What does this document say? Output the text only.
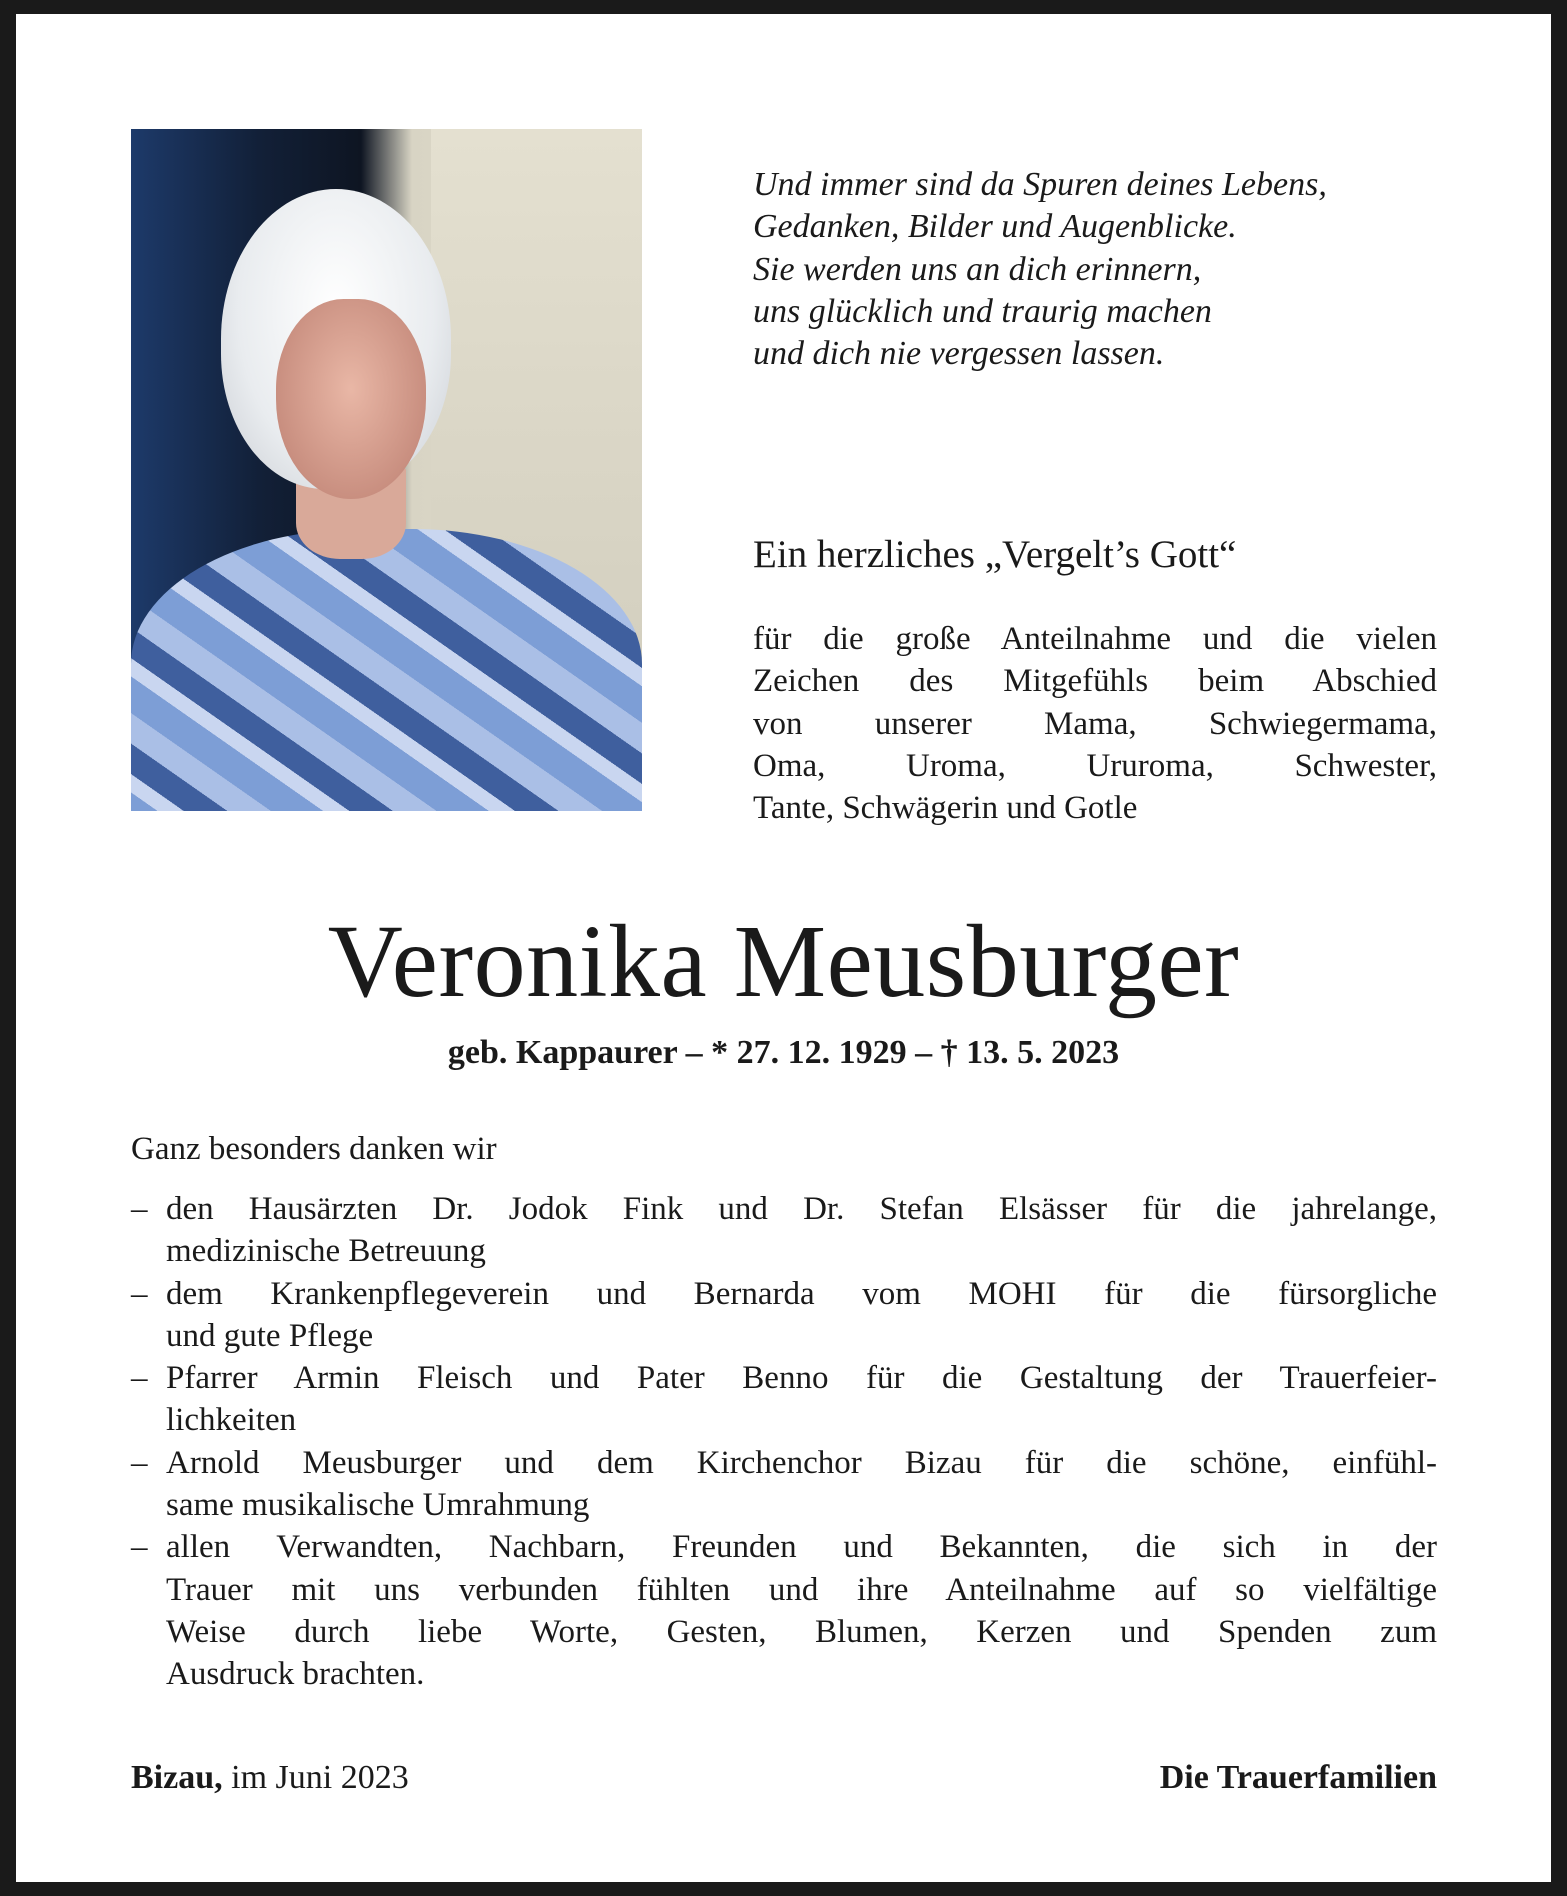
Und immer sind da Spuren deines Lebens,
Gedanken, Bilder und Augenblicke.
Sie werden uns an dich erinnern,
uns glücklich und traurig machen
und dich nie vergessen lassen.
Ein herzliches „Vergelt’s Gott“
für die große Anteilnahme und die vielen
Zeichen des Mitgefühls beim Abschied
von unserer Mama, Schwiegermama,
Oma, Uroma, Ururoma, Schwester,
Tante, Schwägerin und Gotle
Veronika Meusburger
geb. Kappaurer – * 27. 12. 1929 – † 13. 5. 2023
Ganz besonders danken wir
– den Hausärzten Dr. Jodok Fink und Dr. Stefan Elsässer für die jahrelange,
medizinische Betreuung
– dem Krankenpflegeverein und Bernarda vom MOHI für die fürsorgliche
und gute Pflege
– Pfarrer Armin Fleisch und Pater Benno für die Gestaltung der Trauerfeier-
lichkeiten
– Arnold Meusburger und dem Kirchenchor Bizau für die schöne, einfühl-
same musikalische Umrahmung
– allen Verwandten, Nachbarn, Freunden und Bekannten, die sich in der
Trauer mit uns verbunden fühlten und ihre Anteilnahme auf so vielfältige
Weise durch liebe Worte, Gesten, Blumen, Kerzen und Spenden zum
Ausdruck brachten.
Bizau, im Juni 2023	Die Trauerfamilien
